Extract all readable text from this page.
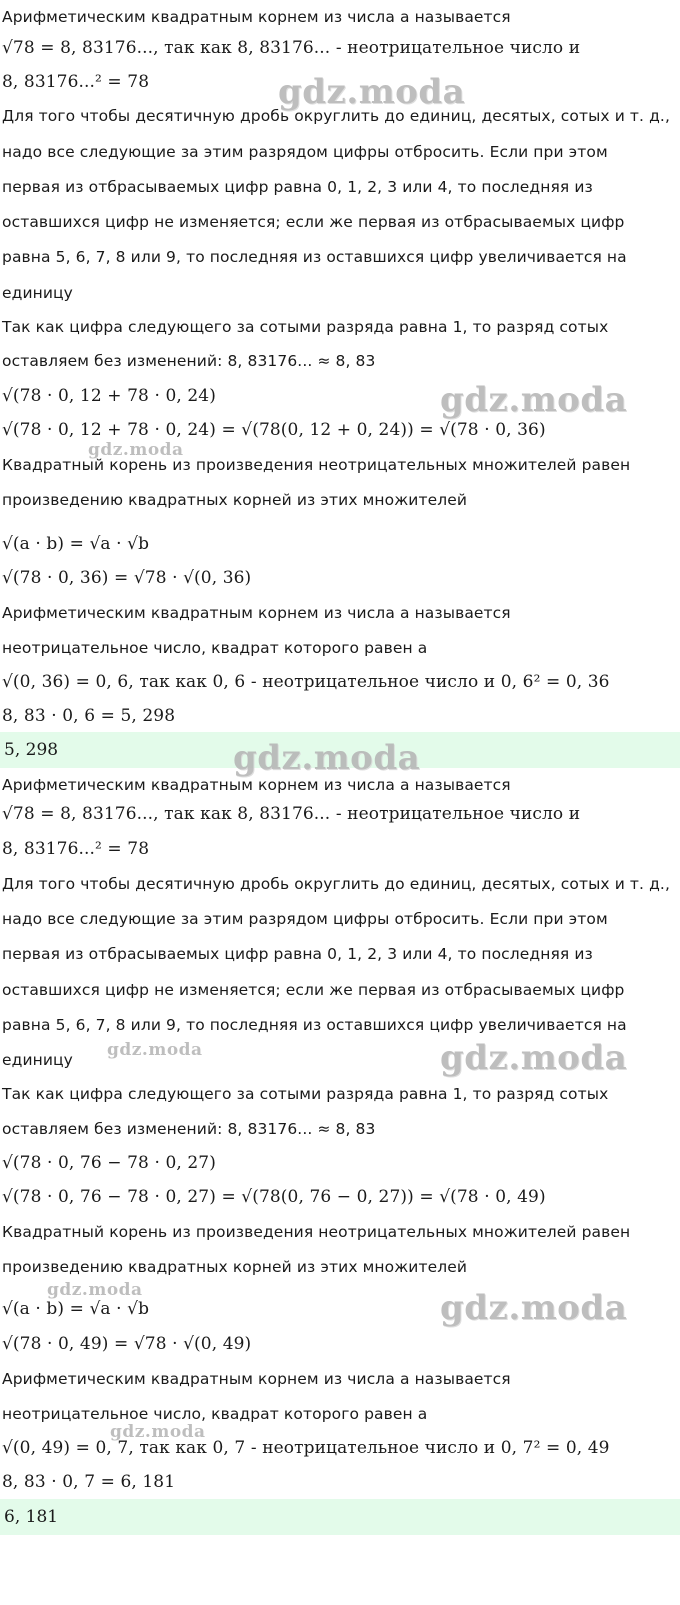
Арифметическим квадратным корнем из числа a называется
√78 = 8, 83176..., так как 8, 83176... - неотрицательное число и
8, 83176...² = 78
Для того чтобы десятичную дробь округлить до единиц, десятых, сотых и т. д.,
надо все следующие за этим разрядом цифры отбросить. Если при этом
первая из отбрасываемых цифр равна 0, 1, 2, 3 или 4, то последняя из
оставшихся цифр не изменяется; если же первая из отбрасываемых цифр
равна 5, 6, 7, 8 или 9, то последняя из оставшихся цифр увеличивается на
единицу
Так как цифра следующего за сотыми разряда равна 1, то разряд сотых
оставляем без изменений: 8, 83176... ≈ 8, 83
√(78 · 0, 12 + 78 · 0, 24)
√(78 · 0, 12 + 78 · 0, 24) = √(78(0, 12 + 0, 24)) = √(78 · 0, 36)
Квадратный корень из произведения неотрицательных множителей равен
произведению квадратных корней из этих множителей
√(a · b) = √a · √b
√(78 · 0, 36) = √78 · √(0, 36)
Арифметическим квадратным корнем из числа a называется
неотрицательное число, квадрат которого равен a
√(0, 36) = 0, 6, так как 0, 6 - неотрицательное число и 0, 6² = 0, 36
8, 83 · 0, 6 = 5, 298
5, 298
Арифметическим квадратным корнем из числа a называется
√78 = 8, 83176..., так как 8, 83176... - неотрицательное число и
8, 83176...² = 78
Для того чтобы десятичную дробь округлить до единиц, десятых, сотых и т. д.,
надо все следующие за этим разрядом цифры отбросить. Если при этом
первая из отбрасываемых цифр равна 0, 1, 2, 3 или 4, то последняя из
оставшихся цифр не изменяется; если же первая из отбрасываемых цифр
равна 5, 6, 7, 8 или 9, то последняя из оставшихся цифр увеличивается на
единицу
Так как цифра следующего за сотыми разряда равна 1, то разряд сотых
оставляем без изменений: 8, 83176... ≈ 8, 83
√(78 · 0, 76 − 78 · 0, 27)
√(78 · 0, 76 − 78 · 0, 27) = √(78(0, 76 − 0, 27)) = √(78 · 0, 49)
Квадратный корень из произведения неотрицательных множителей равен
произведению квадратных корней из этих множителей
√(a · b) = √a · √b
√(78 · 0, 49) = √78 · √(0, 49)
Арифметическим квадратным корнем из числа a называется
неотрицательное число, квадрат которого равен a
√(0, 49) = 0, 7, так как 0, 7 - неотрицательное число и 0, 7² = 0, 49
8, 83 · 0, 7 = 6, 181
6, 181
gdz.moda
gdz.moda
gdz.moda
gdz.moda
gdz.moda	gdz.moda
gdz.moda	gdz.moda
gdz.moda
